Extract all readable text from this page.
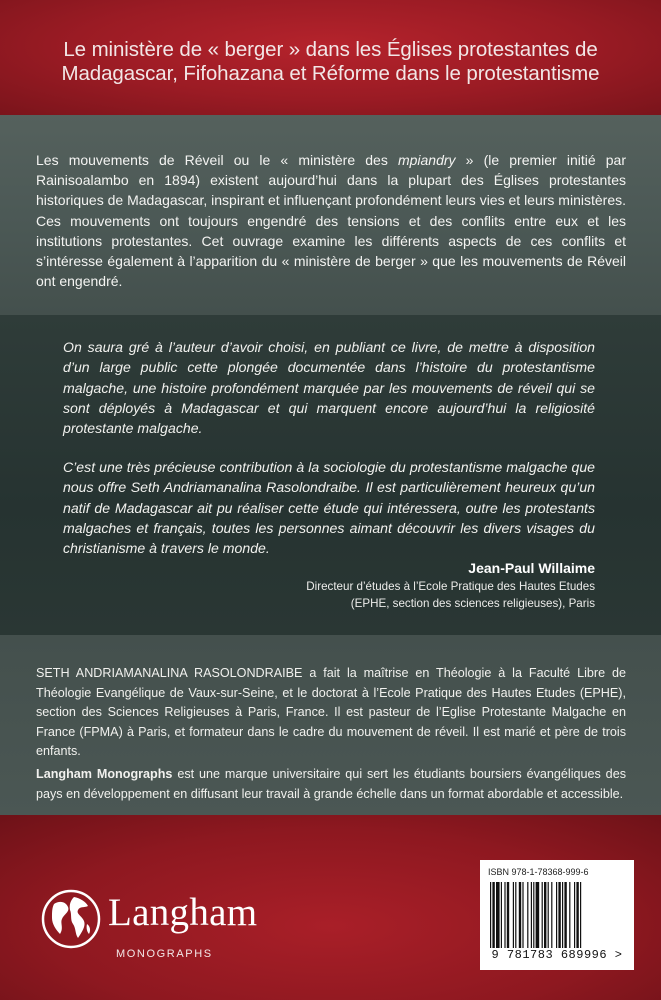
Le ministère de « berger » dans les Églises protestantes de
Madagascar, Fifohazana et Réforme dans le protestantisme
Les mouvements de Réveil ou le « ministère des mpiandry » (le premier initié par Rainisoalambo en 1894) existent aujourd’hui dans la plupart des Églises protestantes historiques de Madagascar, inspirant et influençant profondément leurs vies et leurs ministères. Ces mouvements ont toujours engendré des tensions et des conflits entre eux et les institutions protestantes. Cet ouvrage examine les différents aspects de ces conflits et s’intéresse également à l’apparition du « ministère de berger » que les mouvements de Réveil ont engendré.
On saura gré à l’auteur d’avoir choisi, en publiant ce livre, de mettre à disposition d’un large public cette plongée documentée dans l’histoire du protestantisme malgache, une histoire profondément marquée par les mouvements de réveil qui se sont déployés à Madagascar et qui marquent encore aujourd’hui la religiosité protestante malgache.
C’est une très précieuse contribution à la sociologie du protestantisme malgache que nous offre Seth Andriamanalina Rasolondraibe. Il est particulièrement heureux qu’un natif de Madagascar ait pu réaliser cette étude qui intéressera, outre les protestants malgaches et français, toutes les personnes aimant découvrir les divers visages du christianisme à travers le monde.
Jean-Paul Willaime
Directeur d’études à l’Ecole Pratique des Hautes Etudes
(EPHE, section des sciences religieuses), Paris
SETH ANDRIAMANALINA RASOLONDRAIBE a fait la maîtrise en Théologie à la Faculté Libre de Théologie Evangélique de Vaux-sur-Seine, et le doctorat à l’Ecole Pratique des Hautes Etudes (EPHE), section des Sciences Religieuses à Paris, France. Il est pasteur de l’Eglise Protestante Malgache en France (FPMA) à Paris, et formateur dans le cadre du mouvement de réveil. Il est marié et père de trois enfants.
Langham Monographs est une marque universitaire qui sert les étudiants boursiers évangéliques des pays en développement en diffusant leur travail à grande échelle dans un format abordable et accessible.
Langham
MONOGRAPHS	9 781783 689996 >
ISBN 978-1-78368-999-6
